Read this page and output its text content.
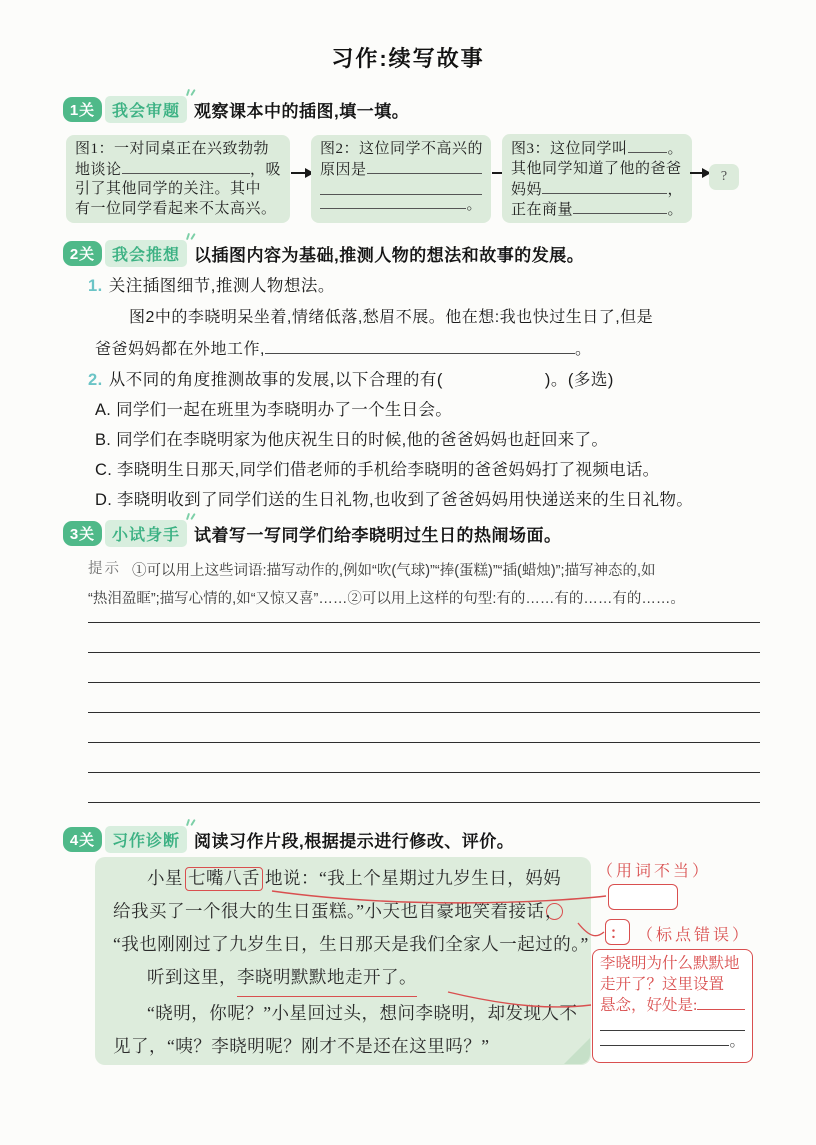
习作:续写故事
1关	我会审题 观察课本中的插图,填一填。
图1：一对同桌正在兴致勃勃
地谈论	，吸
引了其他同学的关注。其中
有一位同学看起来不太高兴。
图2：这位同学不高兴的
原因是
。
图3：这位同学叫	。
其他同学知道了他的爸爸
妈妈	，
正在商量	。
?
2关	我会推想 以插图内容为基础,推测人物的想法和故事的发展。
1. 关注插图细节,推测人物想法。
图2中的李晓明呆坐着,情绪低落,愁眉不展。他在想:我也快过生日了,但是
爸爸妈妈都在外地工作,	。
2. 从不同的角度推测故事的发展,以下合理的有(　　　　　　)。(多选)
A. 同学们一起在班里为李晓明办了一个生日会。
B. 同学们在李晓明家为他庆祝生日的时候,他的爸爸妈妈也赶回来了。
C. 李晓明生日那天,同学们借老师的手机给李晓明的爸爸妈妈打了视频电话。
D. 李晓明收到了同学们送的生日礼物,也收到了爸爸妈妈用快递送来的生日礼物。
3关	小试身手 试着写一写同学们给李晓明过生日的热闹场面。
提示 ①可以用上这些词语:描写动作的,例如“吹(气球)”“捧(蛋糕)”“插(蜡烛)”;描写神态的,如
“热泪盈眶”;描写心情的,如“又惊又喜”……②可以用上这样的句型:有的……有的……有的……。
4关	习作诊断 阅读习作片段,根据提示进行修改、评价。
小星 七嘴八舌 地说：“我上个星期过九岁生日，妈妈
给我买了一个很大的生日蛋糕。”小天也自豪地笑着接话 ，
“我也刚刚过了九岁生日，生日那天是我们全家人一起过的。”
听到这里， 李晓明默默地走开了。
“晓明，你呢？”小星回过头，想问李晓明，却发现人不
见了，“咦？李晓明呢？刚才不是还在这里吗？”
（用词不当）
： （标点错误）
李晓明为什么默默地
走开了？这里设置
悬念，好处是:
。
